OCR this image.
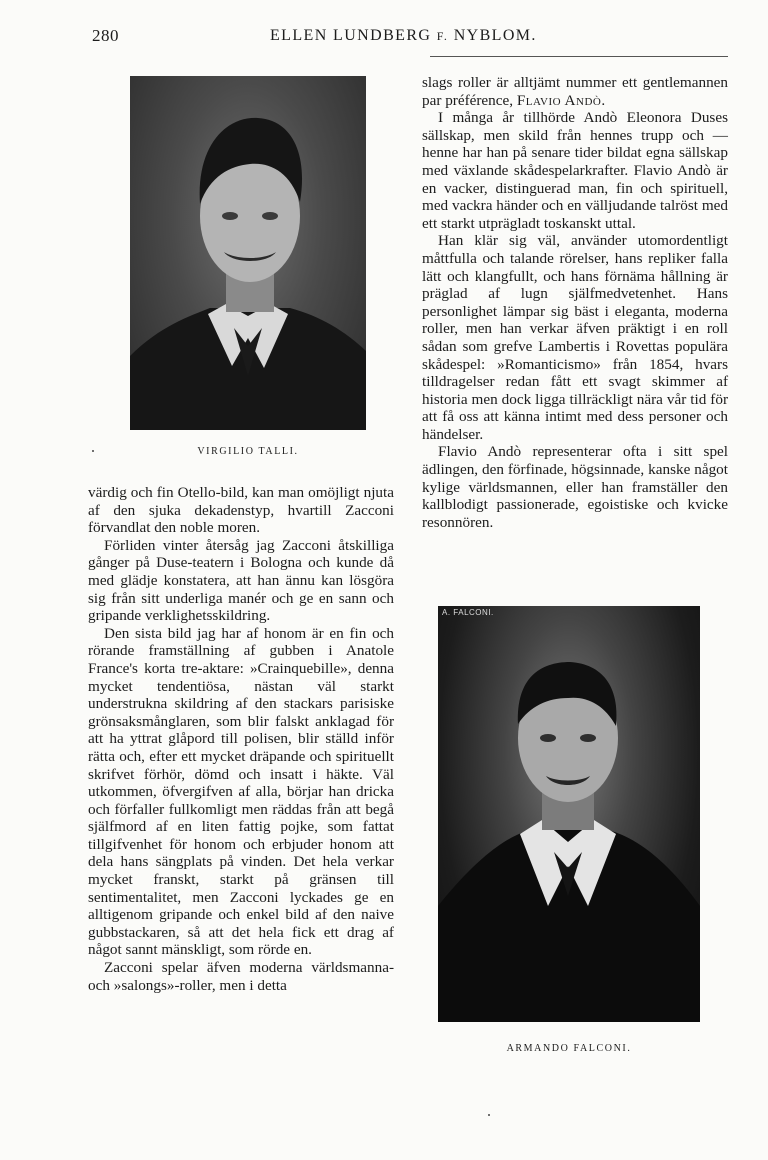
280	ELLEN LUNDBERG F. NYBLOM.
VIRGILIO TALLI.
A. FALCONI.
ARMANDO FALCONI.

värdig och fin Otello-bild, kan man omöjligt njuta af den sjuka dekadenstyp, hvartill Zacconi förvandlat den noble moren.

Förliden vinter återsåg jag Zacconi åtskilliga gånger på Duse-teatern i Bologna och kunde då med glädje konstatera, att han ännu kan lösgöra sig från sitt underliga manér och ge en sann och gripande verklighetsskildring.

Den sista bild jag har af honom är en fin och rörande framställning af gubben i Anatole France's korta tre-aktare: »Crainquebille», denna mycket tendentiösa, nästan väl starkt understrukna skildring af den stackars parisiske grönsaksmånglaren, som blir falskt anklagad för att ha yttrat glåpord till polisen, blir ställd inför rätta och, efter ett mycket dräpande och spirituellt skrifvet förhör, dömd och insatt i häkte. Väl utkommen, öfvergifven af alla, börjar han dricka och förfaller fullkomligt men räddas från att begå själfmord af en liten fattig pojke, som fattat tillgifvenhet för honom och erbjuder honom att dela hans sängplats på vinden. Det hela verkar mycket franskt, starkt på gränsen till sentimentalitet, men Zacconi lyckades ge en alltigenom gripande och enkel bild af den naive gubbstackaren, så att det hela fick ett drag af något sannt mänskligt, som rörde en.

Zacconi spelar äfven moderna världsmanna- och »salongs»-roller, men i detta

slags roller är alltjämt nummer ett gentlemannen par préférence, Flavio Andò.

I många år tillhörde Andò Eleonora Duses sällskap, men skild från hennes trupp och — henne har han på senare tider bildat egna sällskap med växlande skådespelarkrafter. Flavio Andò är en vacker, distinguerad man, fin och spirituell, med vackra händer och en välljudande talröst med ett starkt utprägladt toskanskt uttal.

Han klär sig väl, använder utomordentligt måttfulla och talande rörelser, hans repliker falla lätt och klangfullt, och hans förnäma hållning är präglad af lugn själfmedvetenhet. Hans personlighet lämpar sig bäst i eleganta, moderna roller, men han verkar äfven präktigt i en roll sådan som grefve Lambertis i Rovettas populära skådespel: »Romanticismo» från 1854, hvars tilldragelser redan fått ett svagt skimmer af historia men dock ligga tillräckligt nära vår tid för att få oss att känna intimt med dess personer och händelser.

Flavio Andò representerar ofta i sitt spel ädlingen, den förfinade, högsinnade, kanske något kylige världsmannen, eller han framställer den kallblodigt passionerade, egoistiske och kvicke resonnören.
